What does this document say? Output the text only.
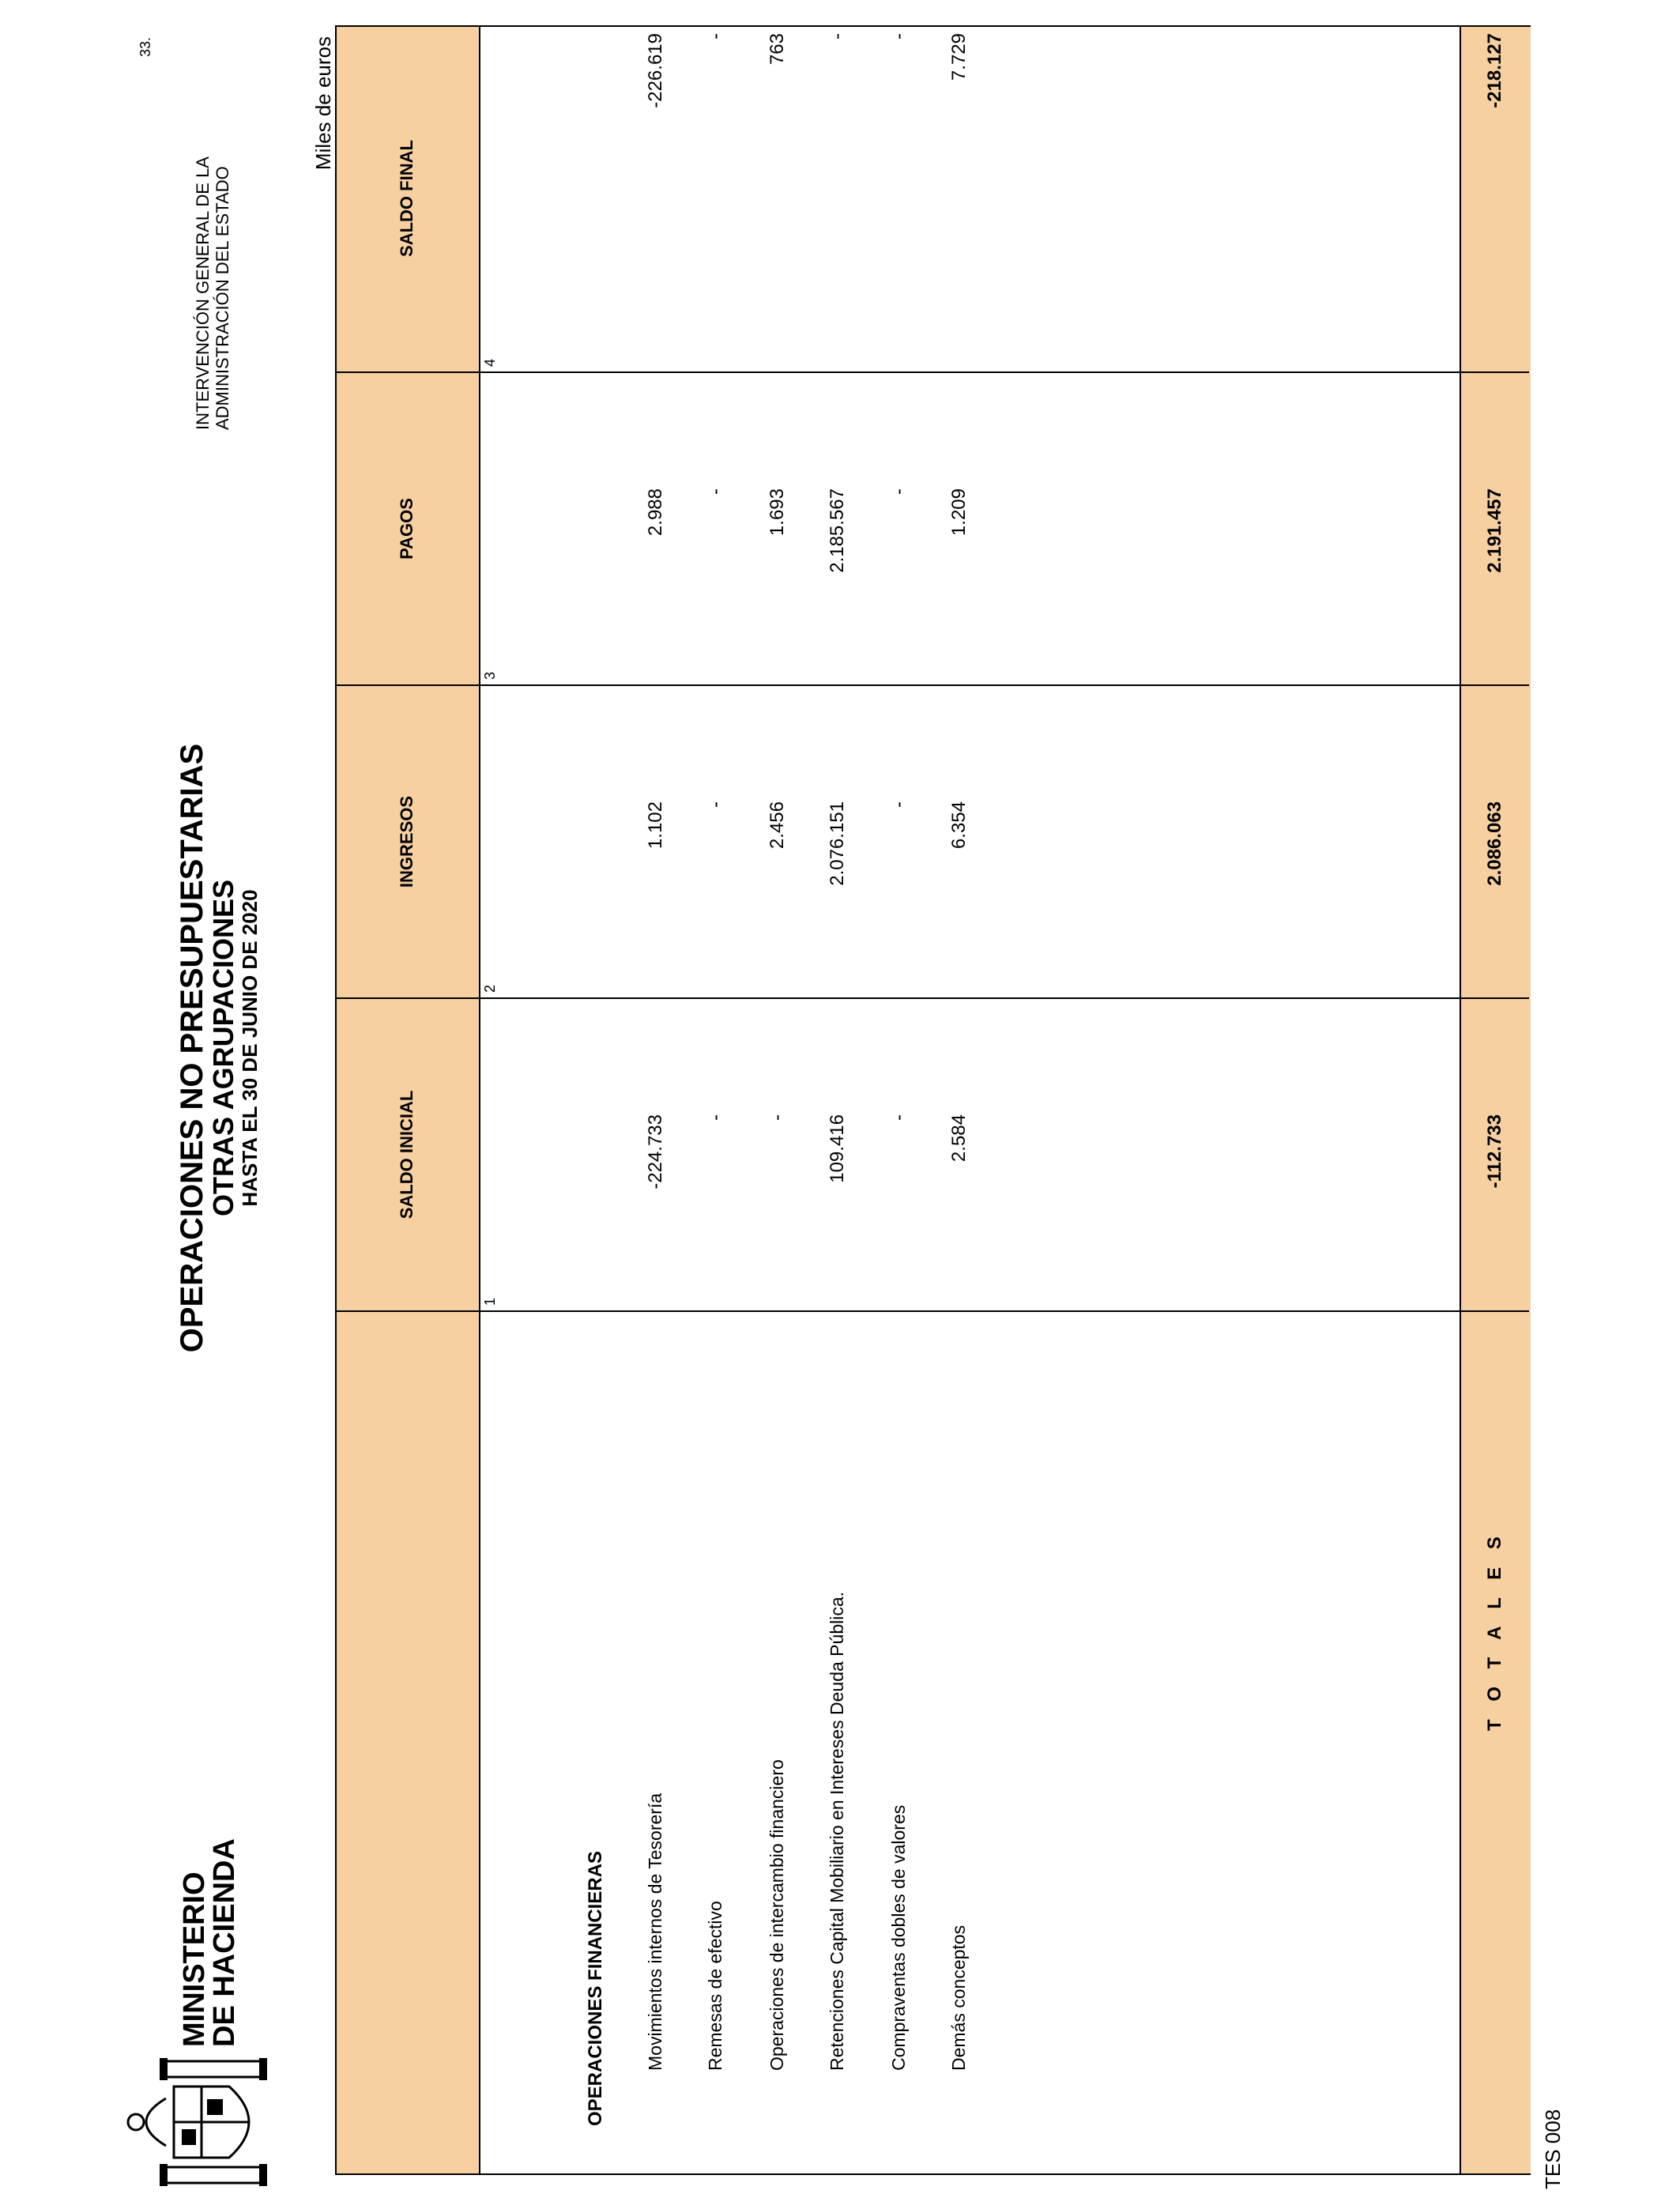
MINISTERIO
DE HACIENDA
OPERACIONES NO PRESUPUESTARIAS
OTRAS AGRUPACIONES
HASTA EL 30 DE JUNIO DE 2020
INTERVENCIÓN GENERAL DE LA ADMINISTRACIÓN DEL ESTADO
33.	Miles de euros
SALDO INICIAL
INGRESOS
PAGOS
SALDO FINAL
1
2
3
4
OPERACIONES FINANCIERAS Movimientos internos de Tesorería
-224.733
1.102
2.988
-226.619
Remesas de efectivo
-
-
-
-
Operaciones de intercambio financiero
-
2.456
1.693
763
Retenciones Capital Mobiliario en Intereses Deuda Pública.
109.416
2.076.151
2.185.567
-
Compraventas dobles de valores
-
-
-
-
Demás conceptos
2.584
6.354
1.209
7.729
T O T A L E S
-112.733
2.086.063
2.191.457
-218.127
TES 008
